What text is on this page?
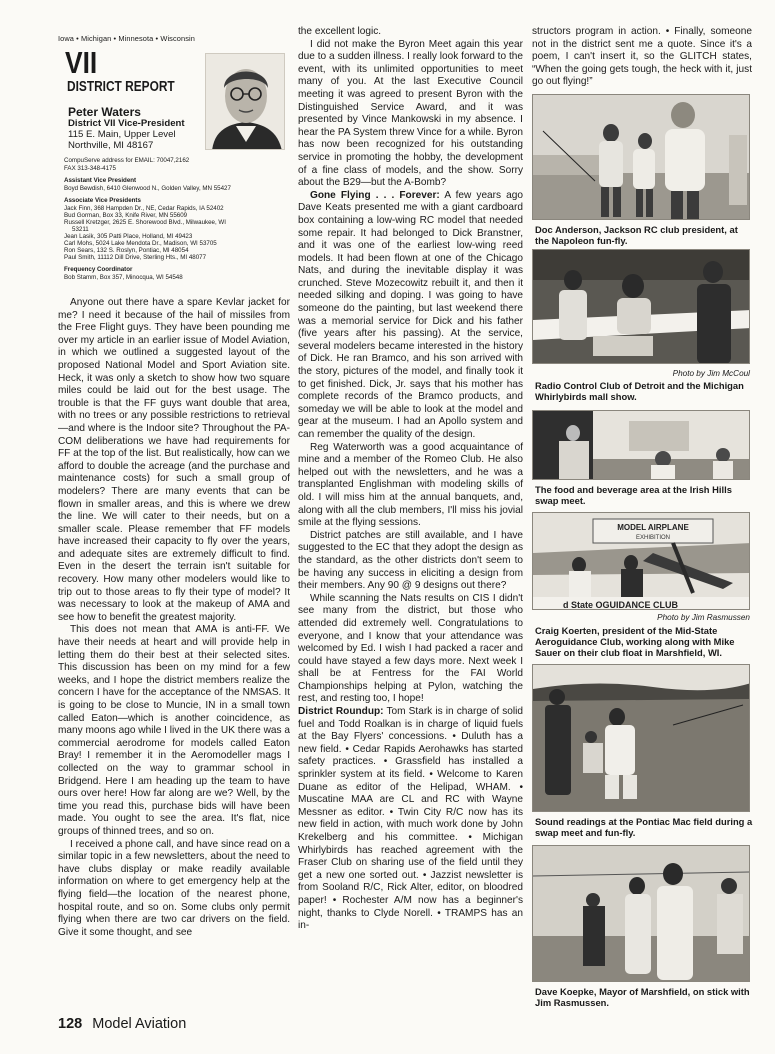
Iowa • Michigan • Minnesota • Wisconsin
VII
DISTRICT REPORT
Peter Waters
District VII Vice-President
115 E. Main, Upper Level
Northville, MI 48167
CompuServe address for EMAIL: 70047,2162
FAX 313-348-4175
Assistant Vice President
Boyd Bewdish, 6410 Glenwood N., Golden Valley, MN 55427
Associate Vice Presidents
Jack Finn, 368 Hampden Dr., NE, Cedar Rapids, IA 52402
Bud Gorman, Box 33, Knife River, MN 55609
Russell Kretzger, 2625 E. Shorewood Blvd., Milwaukee, WI
53211
Jean Lasik, 305 Patti Place, Holland, MI 49423
Carl Mohs, 5024 Lake Mendota Dr., Madison, WI 53705
Ron Sears, 132 S. Roslyn, Pontiac, MI 48054
Paul Smith, 11112 Dill Drive, Sterling Hts., MI 48077
Frequency Coordinator
Bob Stamm, Box 357, Minocqua, WI 54548

Anyone out there have a spare Kevlar jacket for me? I need it because of the hail of missiles from the Free Flight guys. They have been pounding me over my article in an earlier issue of Model Aviation, in which we outlined a suggested layout of the proposed National Model and Sport Aviation site. Heck, it was only a sketch to show how two square miles could be laid out for the best usage. The trouble is that the FF guys want double that area, with no trees or any possible restrictions to retrieval—and where is the Indoor site? Throughout the PA-COM deliberations we have had requirements for FF at the top of the list. But realistically, how can we afford to double the acreage (and the purchase and maintenance costs) for such a small group of modelers? There are many events that can be flown in smaller areas, and this is where we drew the line. We will cater to their needs, but on a smaller scale. Please remember that FF models have increased their capacity to fly over the years, and adequate sites are extremely difficult to find. Even in the desert the terrain isn't suitable for recovery. How many other modelers would like to trip out to those areas to fly their type of model? It was necessary to look at the makeup of AMA and see how to benefit the greatest majority.

This does not mean that AMA is anti-FF. We have their needs at heart and will provide help in letting them do their best at their selected sites. This discussion has been on my mind for a few weeks, and I hope the district members realize the concern I have for the acceptance of the NMSAS. It is going to be close to Muncie, IN in a small town called Eaton—which is another coincidence, as many moons ago while I lived in the UK there was a commercial aerodrome for models called Eaton Bray! I remember it in the Aeromodeller mags I collected on the way to grammar school in Bridgend. Here I am heading up the team to have ours over here! How far along are we? Well, by the time you read this, purchase bids will have been made. You ought to see the area. It's flat, nice groups of thinned trees, and so on.

I received a phone call, and have since read on a similar topic in a few newsletters, about the need to have clubs display or make readily available information on where to get emergency help at the flying field—the location of the nearest phone, hospital route, and so on. Some clubs only permit flying when there are two car drivers on the field. Give it some thought, and see

the excellent logic.

I did not make the Byron Meet again this year due to a sudden illness. I really look forward to the event, with its unlimited opportunities to meet many of you. At the last Executive Council meeting it was agreed to present Byron with the Distinguished Service Award, and it was presented by Vince Mankowski in my absence. I hear the PA System threw Vince for a while. Byron has now been recognized for his outstanding service in promoting the hobby, the development of a fine class of models, and the show. Sorry about the B29—but the A-Bomb?

Gone Flying . . . Forever: A few years ago Dave Keats presented me with a giant cardboard box containing a low-wing RC model that needed some repair. It had belonged to Dick Branstner, and it was one of the earliest low-wing reed models. It had been flown at one of the Chicago Nats, and during the inevitable display it was crunched. Steve Mozecowitz rebuilt it, and then it needed silking and doping. I was going to have someone do the painting, but last weekend there was a memorial service for Dick and his father (five years after his passing). At the service, several modelers became interested in the history of Dick. He ran Bramco, and his son arrived with the story, pictures of the model, and finally took it to get finished. Dick, Jr. says that his mother has complete records of the Bramco products, and someday we will be able to look at the model and gear at the museum. I had an Apollo system and can remember the quality of the design.

Reg Waterworth was a good acquaintance of mine and a member of the Romeo Club. He also helped out with the newsletters, and he was a transplanted Englishman with modeling skills of old. I will miss him at the annual banquets, and, along with all the club members, I'll miss his jovial smile at the flying sessions.

District patches are still available, and I have suggested to the EC that they adopt the design as the standard, as the other districts don't seem to be having any success in eliciting a design from their members. Any 90 @ 9 designs out there?

While scanning the Nats results on CIS I didn't see many from the district, but those who attended did extremely well. Congratulations to everyone, and I know that your attendance was welcomed by Ed. I wish I had packed a racer and could have stayed a few days more. Next week I shall be at Fentress for the FAI World Championships helping at Pylon, watching the rest, and resting too, I hope!

District Roundup: Tom Stark is in charge of solid fuel and Todd Roalkan is in charge of liquid fuels at the Bay Flyers' concessions. • Duluth has a new field. • Cedar Rapids Aerohawks has started safety practices. • Grassfield has installed a sprinkler system at its field. • Welcome to Karen Duane as editor of the Helipad, WHAM. • Muscatine MAA are CL and RC with Wayne Messner as editor. • Twin City R/C now has its new field in action, with much work done by John Krekelberg and his committee. • Michigan Whirlybirds has reached agreement with the Fraser Club on sharing use of the field until they get a new one sorted out. • Jazzist newsletter is from Sooland R/C, Rick Alter, editor, on bloodred paper! • Rochester A/M now has a beginner's night, thanks to Clyde Norell. • TRAMPS has an in-

structors program in action. • Finally, someone not in the district sent me a quote. Since it's a poem, I can't insert it, so the GLITCH states, “When the going gets tough, the heck with it, just go out flying!”

Doc Anderson, Jackson RC club president, at the Napoleon fun-fly.
Photo by Jim McCoul
Radio Control Club of Detroit and the Michigan Whirlybirds mall show.
The food and beverage area at the Irish Hills swap meet.
MODEL AIRPLANE
EXHIBITION
d State OGUIDANCE CLUB
Photo by Jim Rasmussen
Craig Koerten, president of the Mid-State Aeroguidance Club, working along with Mike Sauer on their club float in Marshfield, WI.
Sound readings at the Pontiac Mac field during a swap meet and fun-fly.
Dave Koepke, Mayor of Marshfield, on stick with Jim Rasmussen.
128 Model Aviation
